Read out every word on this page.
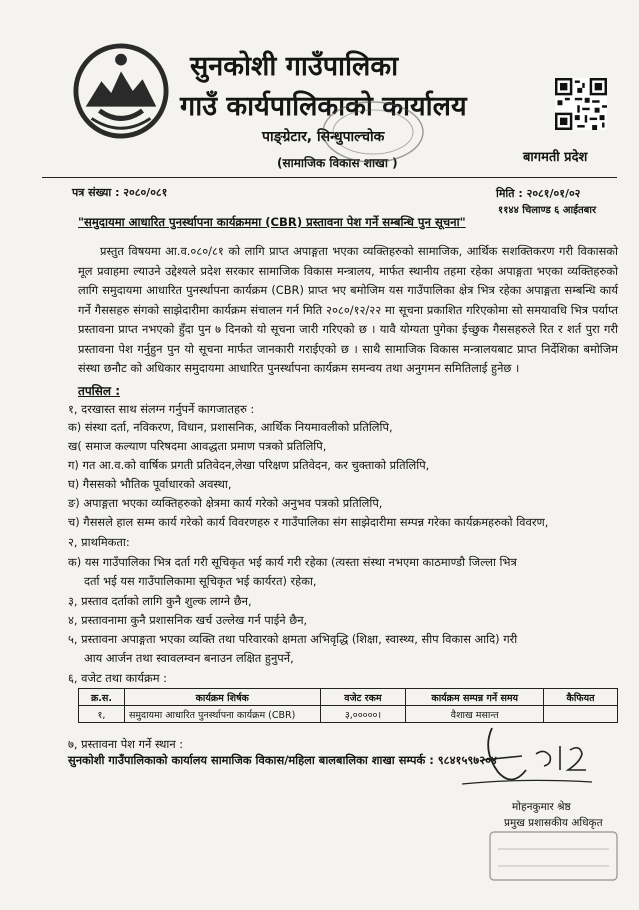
सुनकोशी गाउँपालिका
गाउँ कार्यपालिकाको कार्यालय
पाङ्ग्रेटार, सिन्धुपाल्चोक
(सामाजिक विकास शाखा )	बागमती प्रदेश
पत्र संख्या : २०८०/०८१	मिति : २०८१/०१/०२
११४४ चिलाण्ड ६ आईतबार
"समुदायमा आधारित पुनर्स्थापना कार्यक्रममा (CBR) प्रस्तावना पेश गर्ने सम्बन्धि पुन सूचना"
प्रस्तुत विषयमा आ.व.०८०/८१ को लागि प्राप्त अपाङ्गता भएका व्यक्तिहरुको सामाजिक, आर्थिक सशक्तिकरण गरी विकासको मूल प्रवाहमा ल्याउने उद्देश्यले प्रदेश सरकार सामाजिक विकास मन्त्रालय, मार्फत स्थानीय तहमा रहेका अपाङ्गता भएका व्यक्तिहरुको लागि समुदायमा आधारित पुनर्स्थापना कार्यक्रम (CBR) प्राप्त भए बमोजिम यस गाउँपालिका क्षेत्र भित्र रहेका अपाङ्गता सम्बन्धि कार्य गर्ने गैससहरु संगको साझेदारीमा कार्यक्रम संचालन गर्न मिति २०८०/१२/२२ मा सूचना प्रकाशित गरिएकोमा सो समयावधि भित्र पर्याप्त प्रस्तावना प्राप्त नभएको हुँदा पुन ७ दिनको यो सूचना जारी गरिएको छ । यावै योग्यता पुगेका ईच्छुक गैससहरुले रित र शर्त पुरा गरी प्रस्तावना पेश गर्नुहुन पुन यो सूचना मार्फत जानकारी गराईएको छ । साथै सामाजिक विकास मन्त्रालयबाट प्राप्त निर्देशिका बमोजिम संस्था छनौट को अधिकार समुदायमा आधारित पुनर्स्थापना कार्यक्रम समन्वय तथा अनुगमन समितिलाई हुनेछ ।
तपसिल :
१, दरखास्त साथ संलग्न गर्नुपर्ने कागजातहरु :
क) संस्था दर्ता, नविकरण, विधान, प्रशासनिक, आर्थिक नियमावलीको प्रतिलिपि,
ख( समाज कल्याण परिषदमा आवद्धता प्रमाण पत्रको प्रतिलिपि,
ग) गत आ.व.को वार्षिक प्रगती प्रतिवेदन,लेखा परिक्षण प्रतिवेदन, कर चुक्ताको प्रतिलिपि,
घ) गैससको भौतिक पूर्वाधारको अवस्था,
ङ) अपाङ्गता भएका व्यक्तिहरुको क्षेत्रमा कार्य गरेको अनुभव पत्रको प्रतिलिपि,
च) गैससले हाल सम्म कार्य गरेको कार्य विवरणहरु र गाउँपालिका संग साझेदारीमा सम्पन्न गरेका कार्यक्रमहरुको विवरण,
२, प्राथमिकता:
क) यस गाउँपालिका भित्र दर्ता गरी सूचिकृत भई कार्य गरी रहेका (त्यस्ता संस्था नभएमा काठमाण्डौ जिल्ला भित्र
दर्ता भई यस गाउँपालिकामा सूचिकृत भई कार्यरत) रहेका,
३, प्रस्ताव दर्ताको लागि कुनै शुल्क लाग्ने छैन,
४, प्रस्तावनामा कुनै प्रशासनिक खर्च उल्लेख गर्न पाईने छैन,
५, प्रस्तावना अपाङ्गता भएका व्यक्ति तथा परिवारको क्षमता अभिवृद्धि (शिक्षा, स्वास्थ्य, सीप विकास आदि) गरी
आय आर्जन तथा स्वावलम्वन बनाउन लक्षित हुनुपर्ने,
६, वजेट तथा कार्यक्रम :
क्र.स.	कार्यक्रम शिर्षक	वजेट रकम	कार्यक्रम सम्पन्न गर्ने समय	कैफियत
१,	समुदायमा आधारित पुनर्स्थापना कार्यक्रम (CBR)	३,०००००।	वैशाख मसान्त	
७, प्रस्तावना पेश गर्ने स्थान :
सुनकोशी गाउँपालिकाको कार्यालय सामाजिक विकास/महिला बालबालिका शाखा सम्पर्क : ९८४१५९७२०४
मोहनकुमार श्रेष्ठ
प्रमुख प्रशासकीय अधिकृत
